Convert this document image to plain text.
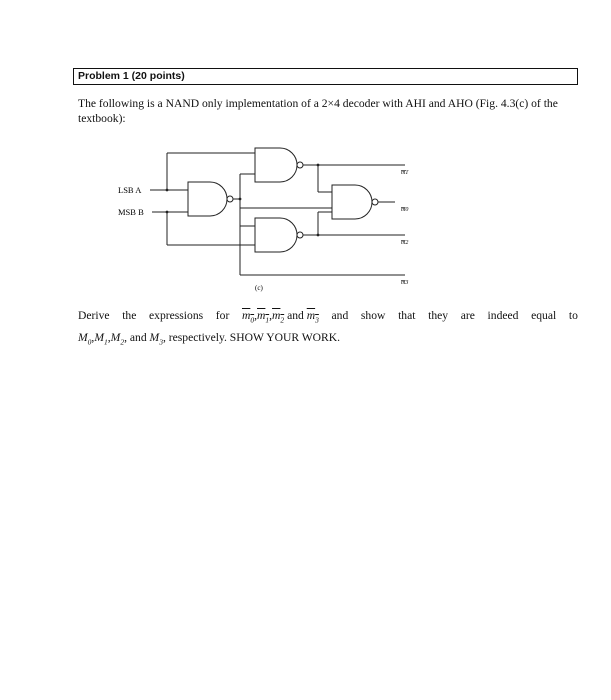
Problem 1 (20 points)
The following is a NAND only implementation of a 2×4 decoder with AHI and AHO (Fig. 4.3(c) of the textbook):
LSB A
MSB B
m1
m0
m2
m3
(c)
Derive the expressions for $m_0,m_1,m_2$ and $m_3$ and show that they are indeed equal to
$M_0,M_1,M_2$, and $M_3$, respectively. SHOW YOUR WORK.
